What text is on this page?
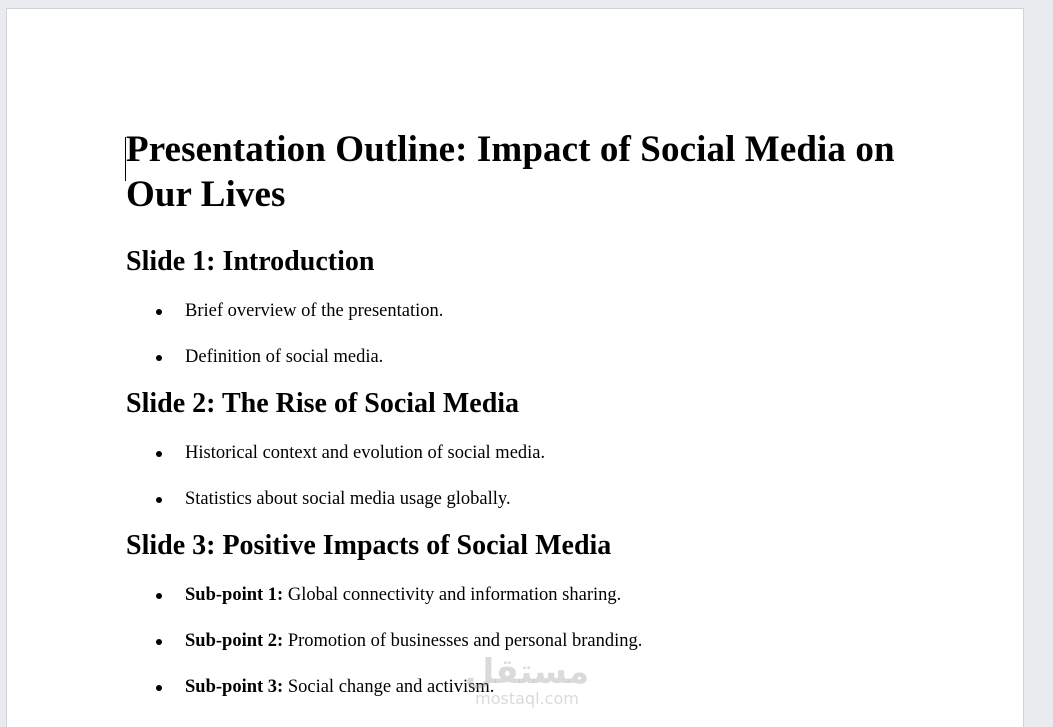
Presentation Outline: Impact of Social Media on Our Lives
Slide 1: Introduction
Brief overview of the presentation.
Definition of social media.
Slide 2: The Rise of Social Media
Historical context and evolution of social media.
Statistics about social media usage globally.
Slide 3: Positive Impacts of Social Media
Sub-point 1: Global connectivity and information sharing.
Sub-point 2: Promotion of businesses and personal branding.
Sub-point 3: Social change and activism.
مستقل
mostaql.com
